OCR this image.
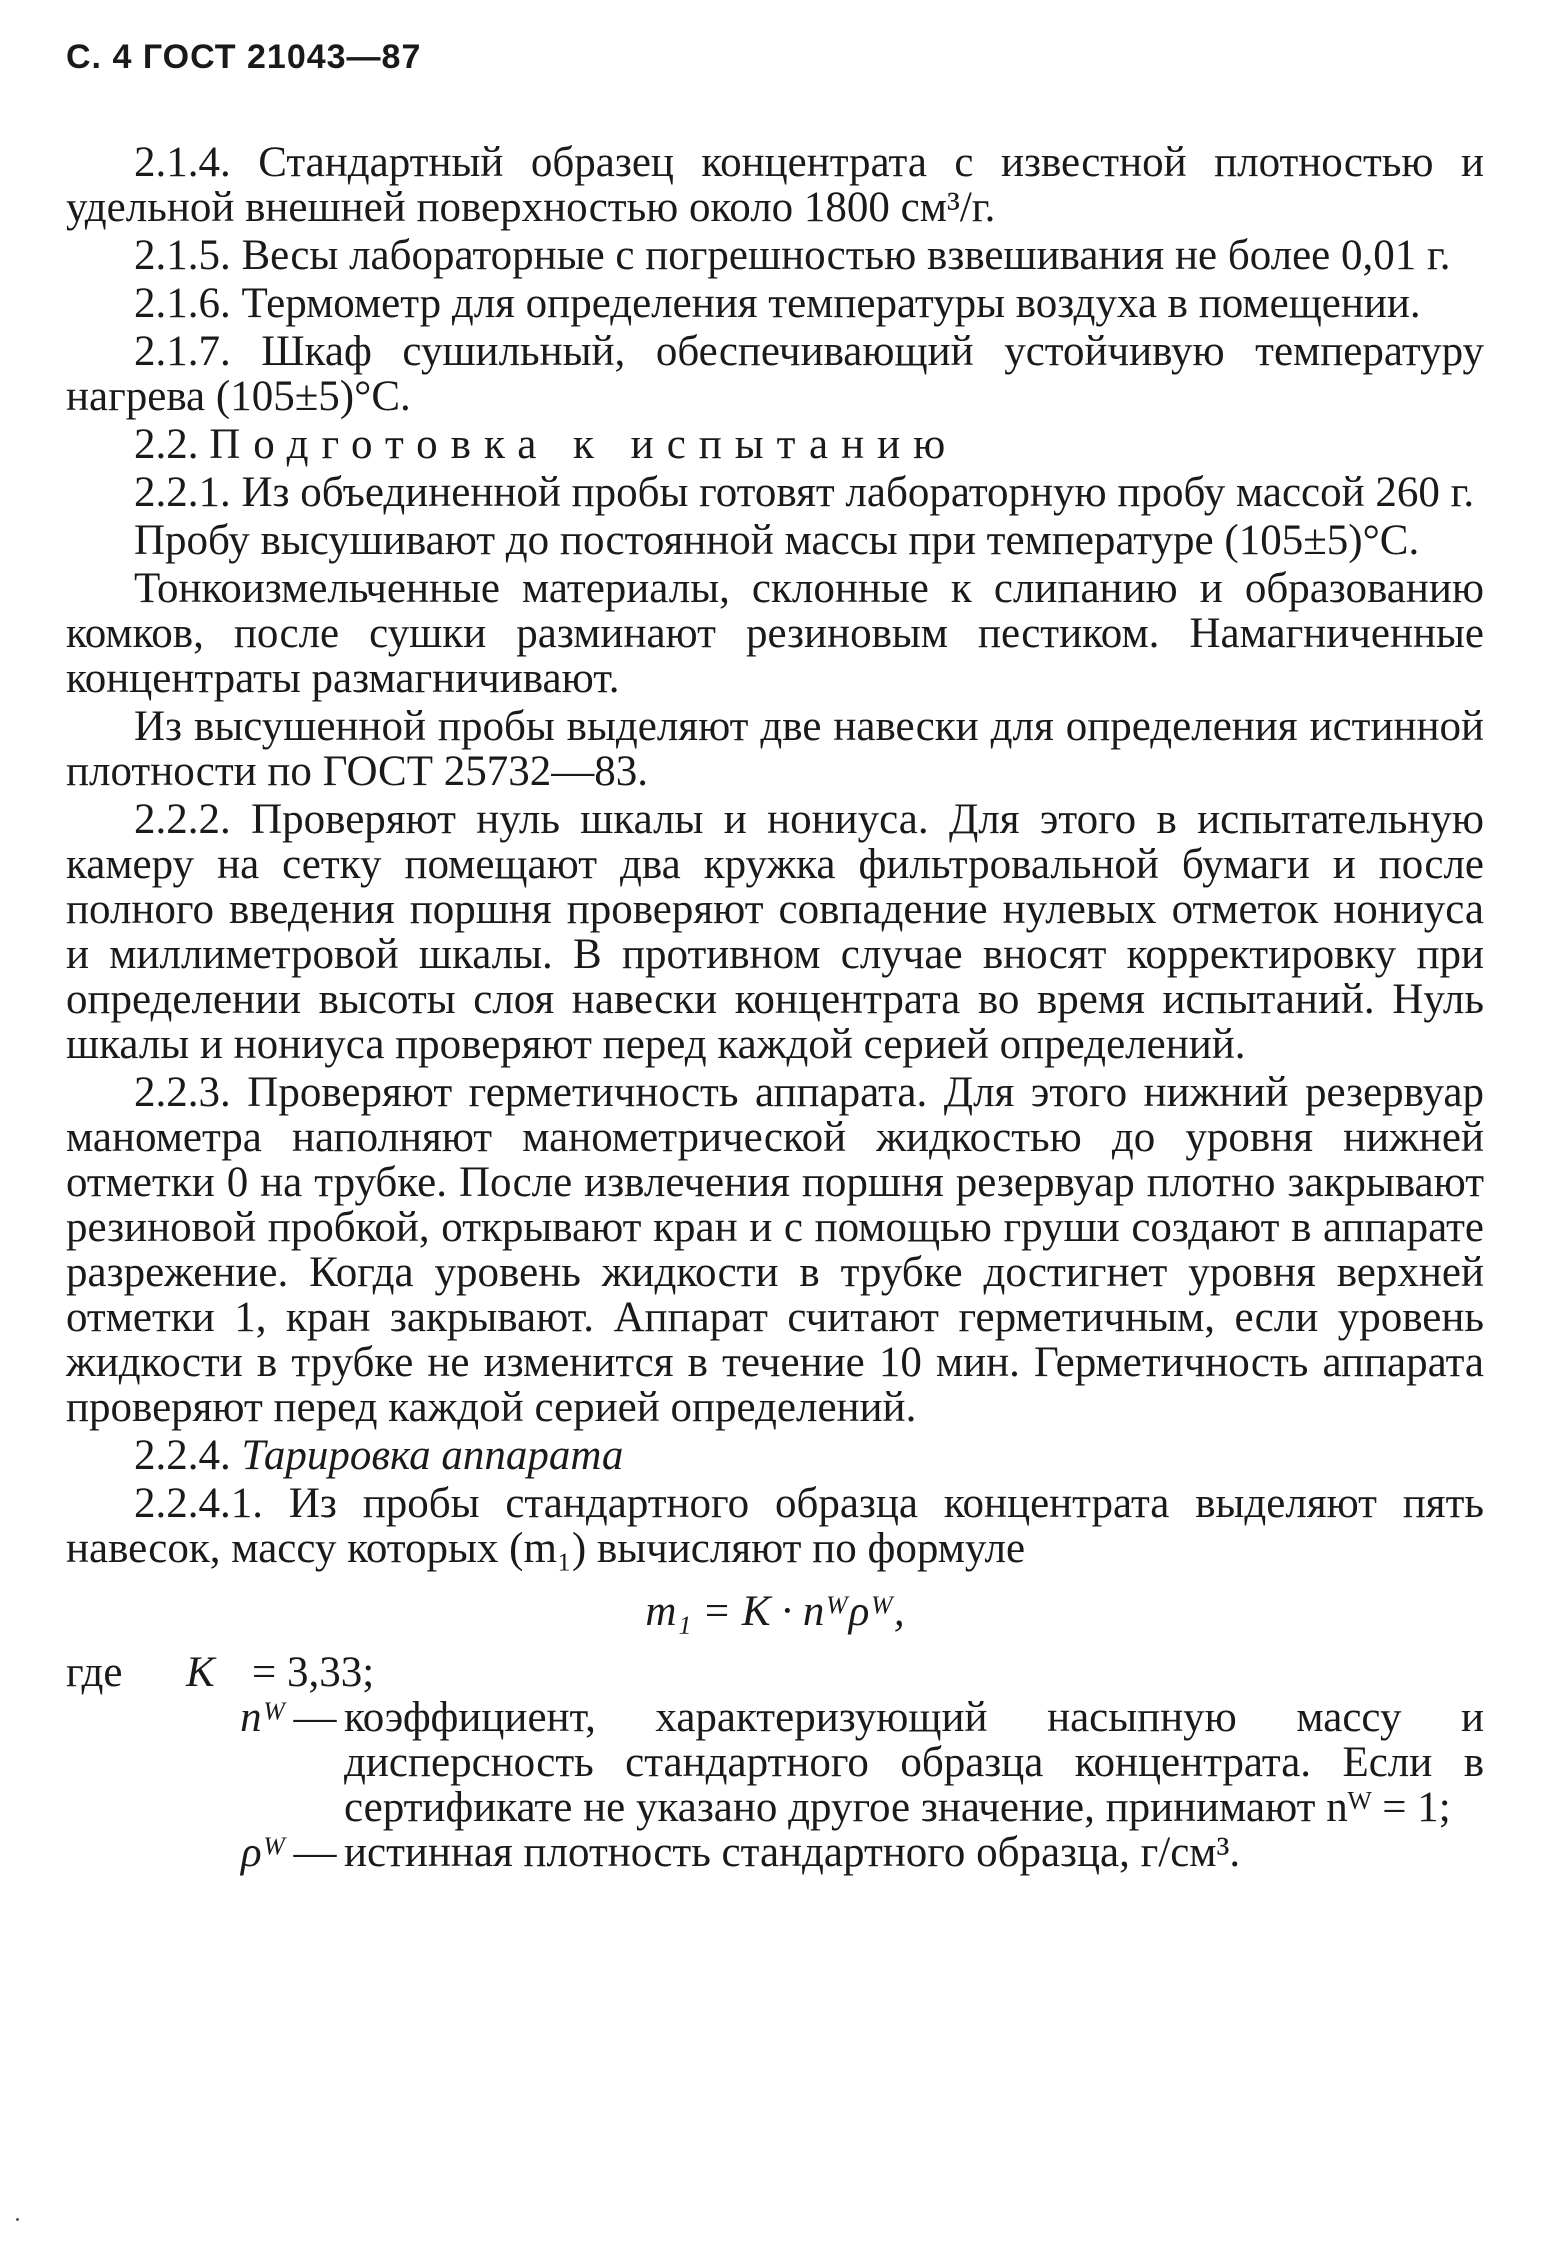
С. 4 ГОСТ 21043—87

2.1.4. Стандартный образец концентрата с известной плотностью и удельной внешней поверхностью около 1800 см³/г.

2.1.5. Весы лабораторные с погрешностью взвешивания не более 0,01 г.

2.1.6. Термометр для определения температуры воздуха в помещении.

2.1.7. Шкаф сушильный, обеспечивающий устойчивую температуру нагрева (105±5)°С.

2.2. Подготовка к испытанию

2.2.1. Из объединенной пробы готовят лабораторную пробу массой 260 г.

Пробу высушивают до постоянной массы при температуре (105±5)°С.

Тонкоизмельченные материалы, склонные к слипанию и образованию комков, после сушки разминают резиновым пестиком. Намагниченные концентраты размагничивают.

Из высушенной пробы выделяют две навески для определения истинной плотности по ГОСТ 25732—83.

2.2.2. Проверяют нуль шкалы и нониуса. Для этого в испытательную камеру на сетку помещают два кружка фильтровальной бумаги и после полного введения поршня проверяют совпадение нулевых отметок нониуса и миллиметровой шкалы. В противном случае вносят корректировку при определении высоты слоя навески концентрата во время испытаний. Нуль шкалы и нониуса проверяют перед каждой серией определений.

2.2.3. Проверяют герметичность аппарата. Для этого нижний резервуар манометра наполняют манометрической жидкостью до уровня нижней отметки 0 на трубке. После извлечения поршня резервуар плотно закрывают резиновой пробкой, открывают кран и с помощью груши создают в аппарате разрежение. Когда уровень жидкости в трубке достигнет уровня верхней отметки 1, кран закрывают. Аппарат считают герметичным, если уровень жидкости в трубке не изменится в течение 10 мин. Герметичность аппарата проверяют перед каждой серией определений.

2.2.4. Тарировка аппарата

2.2.4.1. Из пробы стандартного образца концентрата выделяют пять навесок, массу которых (m₁) вычисляют по формуле

m₁ = K · nᵂρᵂ,
где	K = 3,33;
nᵂ — коэффициент, характеризующий насыпную массу и дисперсность стандартного образца концентрата. Если в сертификате не указано другое значение, принимают nᵂ = 1;
ρᵂ — истинная плотность стандартного образца, г/см³.
